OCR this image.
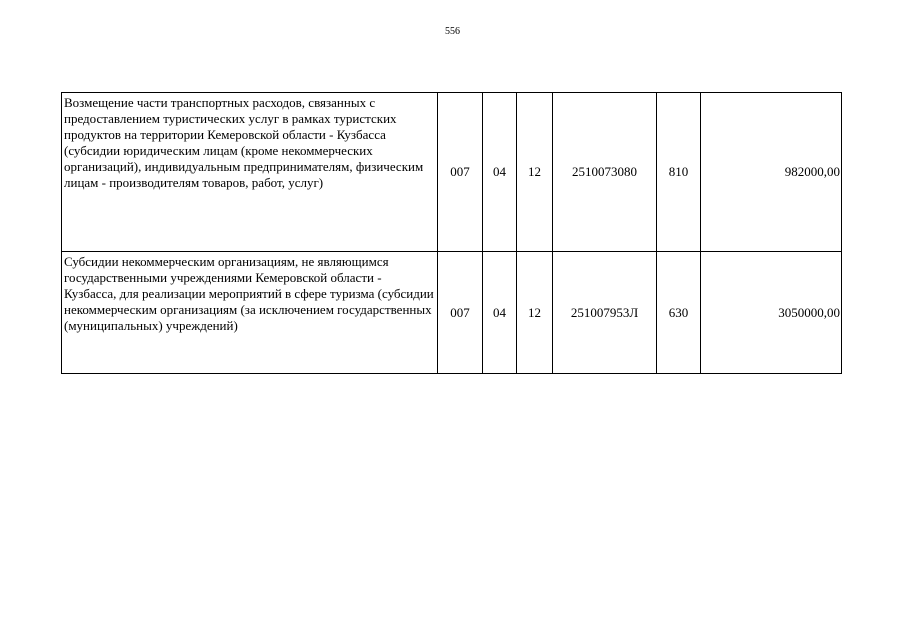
556
Возмещение части транспортных расходов, связанных с предоставлением туристических услуг в рамках туристских продуктов на территории Кемеровской области - Кузбасса (субсидии юридическим лицам (кроме некоммерческих организаций), индивидуальным предпринимателям, физическим лицам - производителям товаров, работ, услуг)	007	04	12	2510073080	810	982000,00
Субсидии некоммерческим организациям, не являющимся государственными учреждениями Кемеровской области - Кузбасса, для реализации мероприятий в сфере туризма (субсидии некоммерческим организациям (за исключением государственных (муниципальных) учреждений)	007	04	12	251007953Л	630	3050000,00
